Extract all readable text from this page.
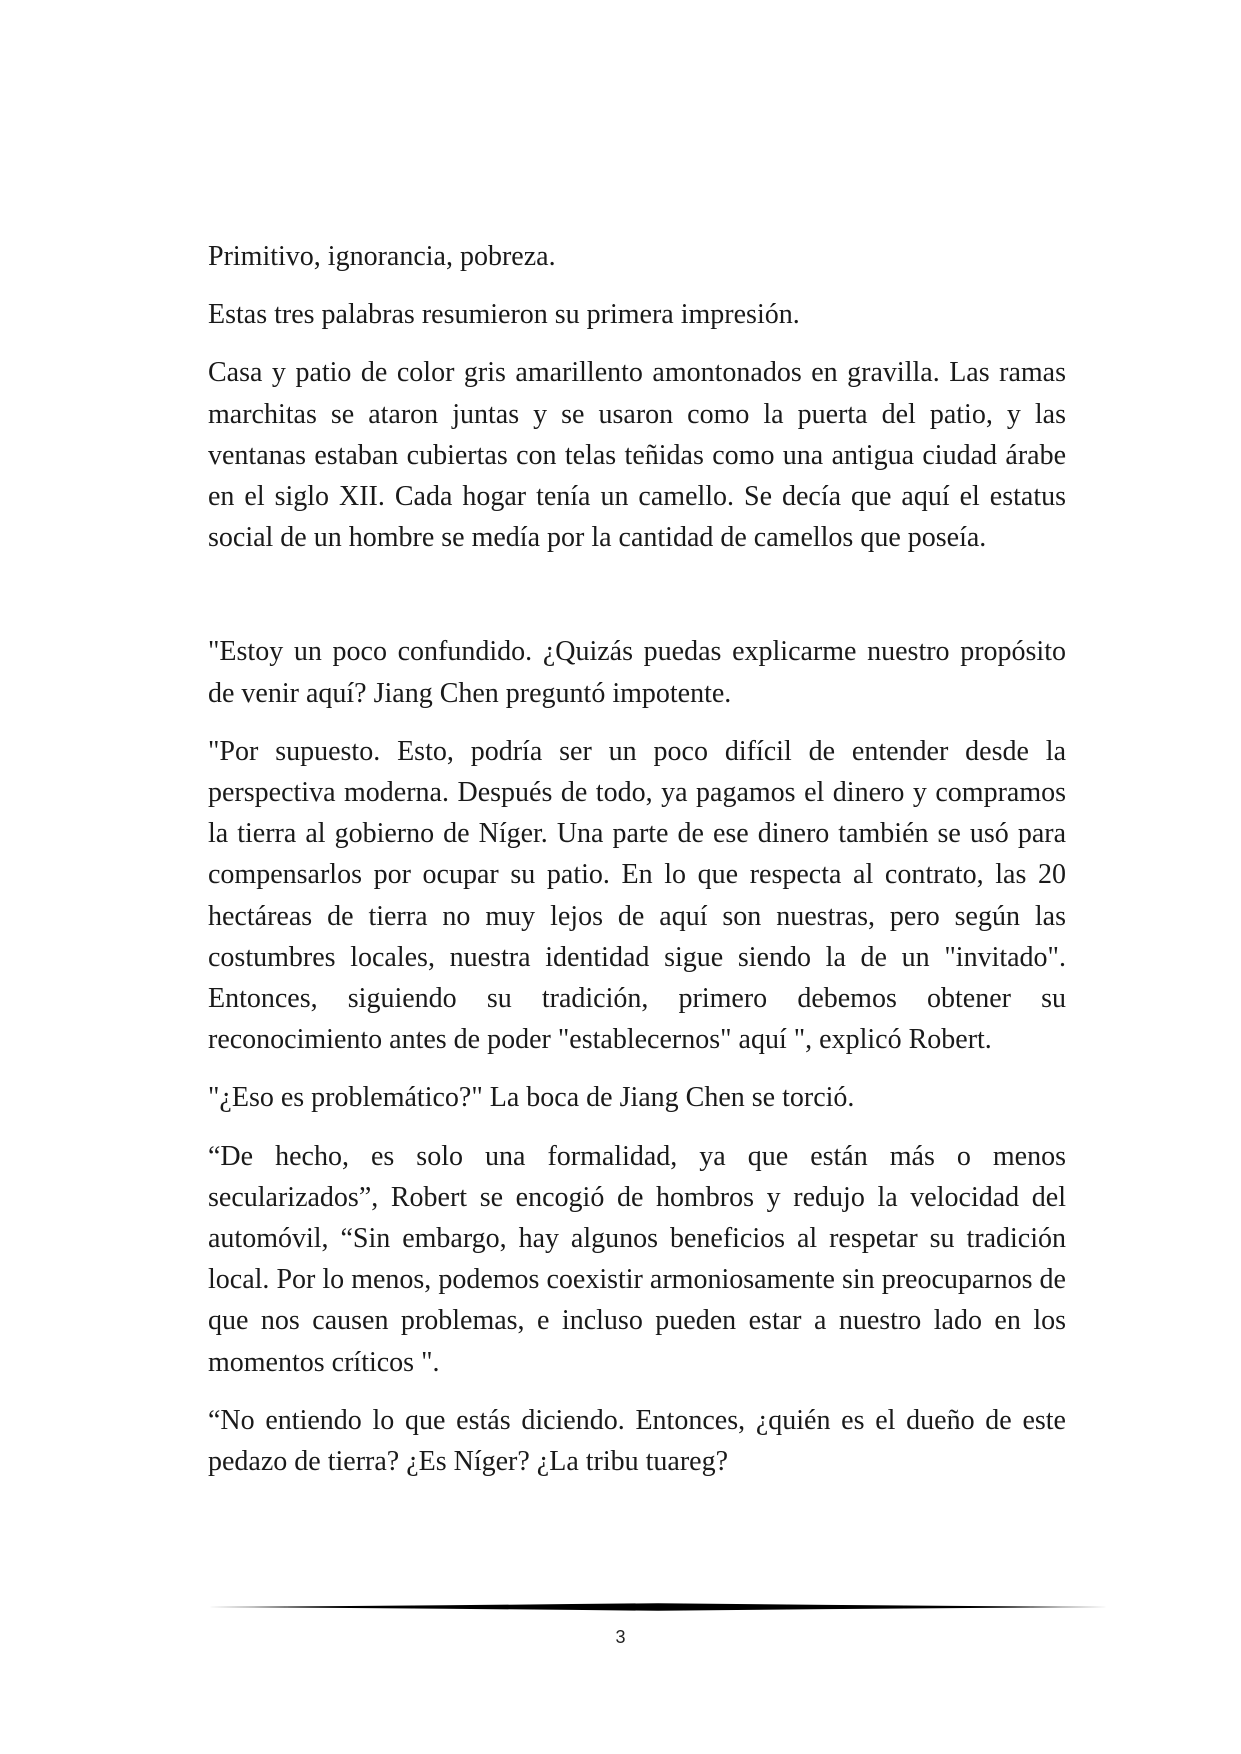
Primitivo, ignorancia, pobreza.

Estas tres palabras resumieron su primera impresión.

Casa y patio de color gris amarillento amontonados en gravilla. Las ramas marchitas se ataron juntas y se usaron como la puerta del patio, y las ventanas estaban cubiertas con telas teñidas como una antigua ciudad árabe en el siglo XII. Cada hogar tenía un camello. Se decía que aquí el estatus social de un hombre se medía por la cantidad de camellos que poseía.

"Estoy un poco confundido. ¿Quizás puedas explicarme nuestro propósito de venir aquí? Jiang Chen preguntó impotente.

"Por supuesto. Esto, podría ser un poco difícil de entender desde la perspectiva moderna. Después de todo, ya pagamos el dinero y compramos la tierra al gobierno de Níger. Una parte de ese dinero también se usó para compensarlos por ocupar su patio. En lo que respecta al contrato, las 20 hectáreas de tierra no muy lejos de aquí son nuestras, pero según las costumbres locales, nuestra identidad sigue siendo la de un "invitado". Entonces, siguiendo su tradición, primero debemos obtener su reconocimiento antes de poder "establecernos" aquí ", explicó Robert.

"¿Eso es problemático?" La boca de Jiang Chen se torció.

“De hecho, es solo una formalidad, ya que están más o menos secularizados”, Robert se encogió de hombros y redujo la velocidad del automóvil, “Sin embargo, hay algunos beneficios al respetar su tradición local. Por lo menos, podemos coexistir armoniosamente sin preocuparnos de que nos causen problemas, e incluso pueden estar a nuestro lado en los momentos críticos ".

“No entiendo lo que estás diciendo. Entonces, ¿quién es el dueño de este pedazo de tierra? ¿Es Níger? ¿La tribu tuareg?

3
